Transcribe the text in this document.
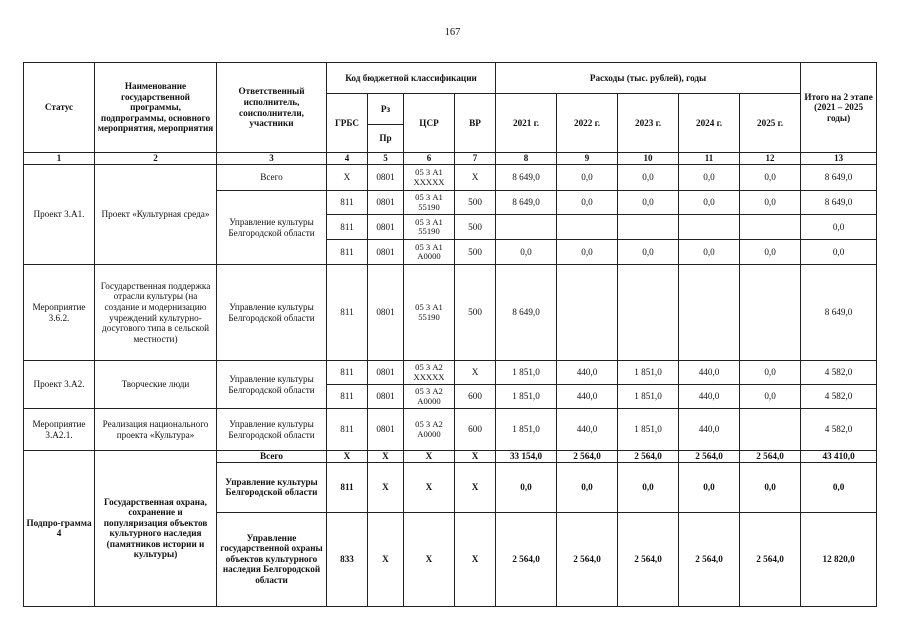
167
Статус	Наименование государственной программы, подпрограммы, основного мероприятия, мероприятия	Ответственный исполнитель, соисполнители, участники	Код бюджетной классификации				Расходы (тыс. рублей), годы					Итого на 2 этапе (2021 – 2025 годы)
			ГРБС	Рз	ЦСР	ВР	2021 г.	2022 г.	2023 г.	2024 г.	2025 г.	
				Пр								
1	2	3	4	5	6	7	8	9	10	11	12	13
Проект 3.А1.	Проект «Культурная среда»	Всего	Х	0801	05 3 А1 ХХХХХ	Х	8 649,0	0,0	0,0	0,0	0,0	8 649,0
		Управление культуры Белгородской области	811	0801	05 3 А1 55190	500	8 649,0	0,0	0,0	0,0	0,0	8 649,0
			811	0801	05 3 А1 55190	500						0,0
			811	0801	05 3 А1 А0000	500	0,0	0,0	0,0	0,0	0,0	0,0
Мероприятие 3.6.2.	Государственная поддержка отрасли культуры (на создание и модернизацию учреждений культурно-досугового типа в сельской местности)	Управление культуры Белгородской области	811	0801	05 3 А1 55190	500	8 649,0					8 649,0
Проект 3.А2.	Творческие люди	Управление культуры Белгородской области	811	0801	05 3 А2 ХХХХХ	Х	1 851,0	440,0	1 851,0	440,0	0,0	4 582,0
			811	0801	05 3 А2 А0000	600	1 851,0	440,0	1 851,0	440,0	0,0	4 582,0
Мероприятие 3.А2.1.	Реализация национального проекта «Культура»	Управление культуры Белгородской области	811	0801	05 3 А2 А0000	600	1 851,0	440,0	1 851,0	440,0		4 582,0
Подпро-грамма 4	Государственная охрана, сохранение и популяризация объектов культурного наследия (памятников истории и культуры)	Всего	Х	Х	Х	Х	33 154,0	2 564,0	2 564,0	2 564,0	2 564,0	43 410,0
		Управление культуры Белгородской области	811	Х	Х	Х	0,0	0,0	0,0	0,0	0,0	0,0
		Управление государственной охраны объектов культурного наследия Белгородской области	833	Х	Х	Х	2 564,0	2 564,0	2 564,0	2 564,0	2 564,0	12 820,0
